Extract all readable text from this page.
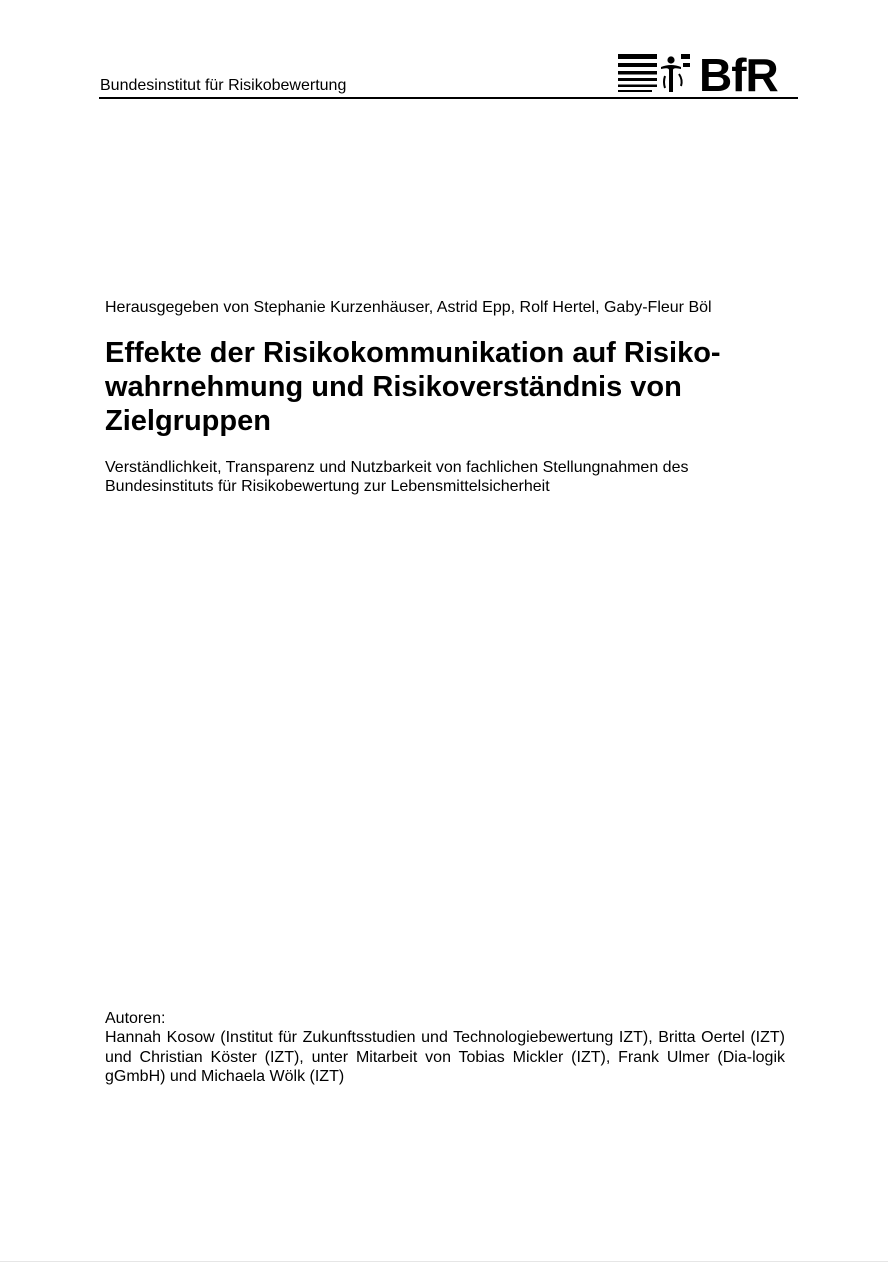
Bundesinstitut für Risikobewertung	BfR
Herausgegeben von Stephanie Kurzenhäuser, Astrid Epp, Rolf Hertel, Gaby-Fleur Böl
Effekte der Risikokommunikation auf Risiko-
wahrnehmung und Risikoverständnis von
Zielgruppen

Verständlichkeit, Transparenz und Nutzbarkeit von fachlichen Stellungnahmen des
Bundesinstituts für Risikobewertung zur Lebensmittelsicherheit

Autoren:

Hannah Kosow (Institut für Zukunftsstudien und Technologiebewertung IZT), Britta Oertel (IZT) und Christian Köster (IZT), unter Mitarbeit von Tobias Mickler (IZT), Frank Ulmer (Dia-logik gGmbH) und Michaela Wölk (IZT)
